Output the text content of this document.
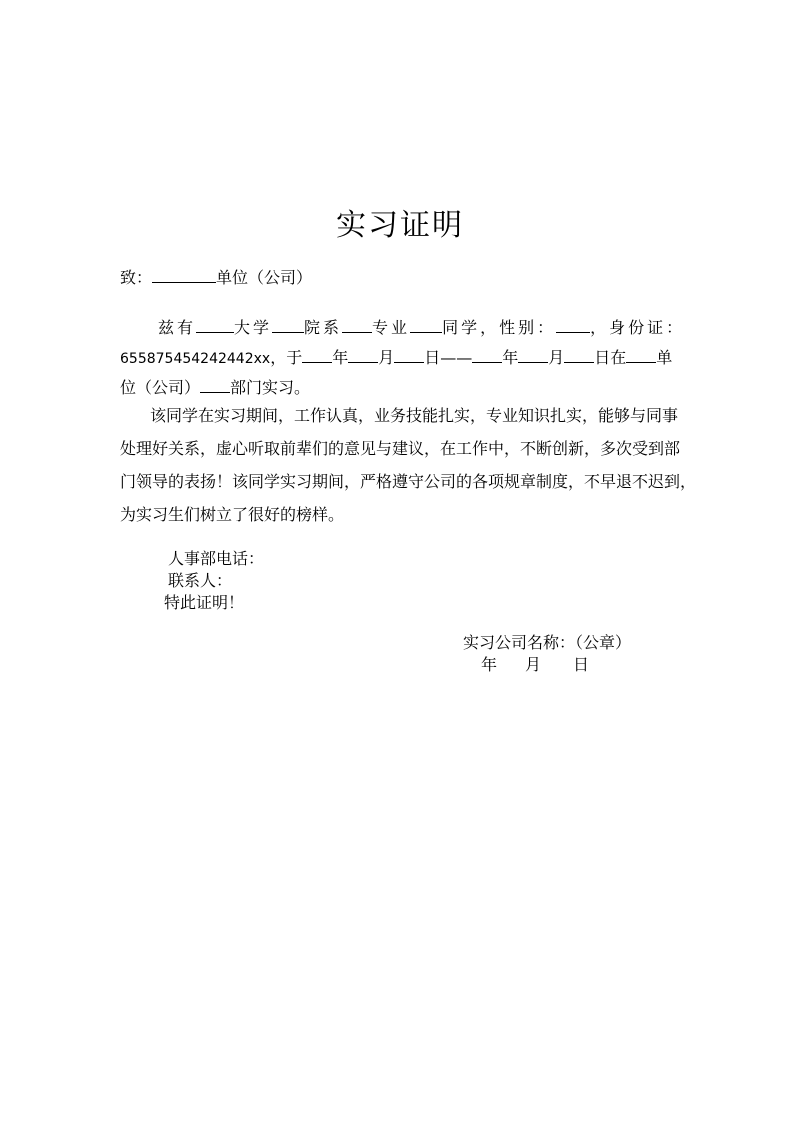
实习证明
致：	单位（公司）
兹有 大学 院系 专业 同学，性别： ，身份证：
655875454242442xx，于 年 月 日—— 年 月 日在 单
位（公司） 部门实习。
该同学在实习期间，工作认真，业务技能扎实，专业知识扎实，能够与同事
处理好关系，虚心听取前辈们的意见与建议，在工作中，不断创新，多次受到部
门领导的表扬！该同学实习期间，严格遵守公司的各项规章制度，不早退不迟到，
为实习生们树立了很好的榜样。
人事部电话：
联系人：
特此证明！
实习公司名称：（公章）
年 月 日
